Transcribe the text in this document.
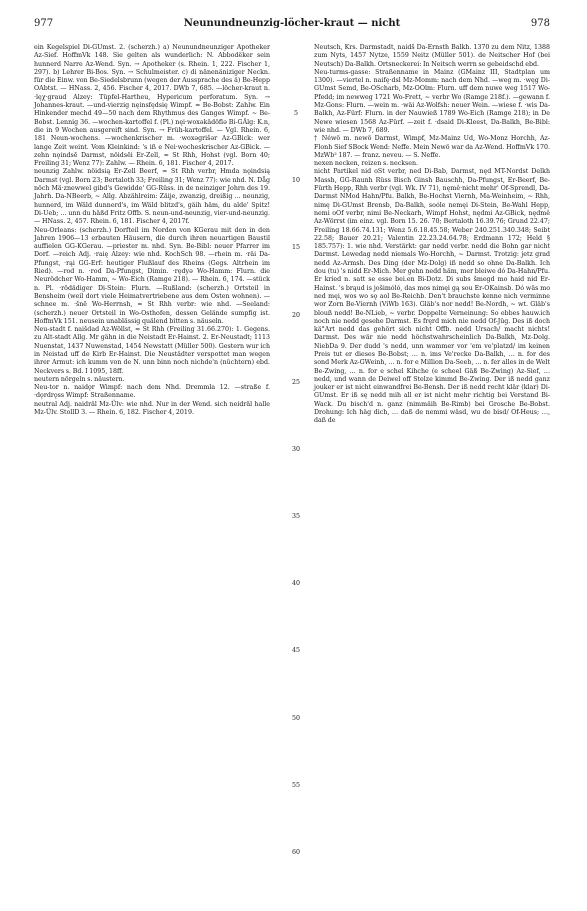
977	Neunundneunzig-löcher-kraut — nicht	978

ein Kegelspiel Di-GUmst. 2. (scherzh.) a) Neunundneunziger Apotheker Az-Sief. HoffmVk 148. Sie gelten als wunderlich: N. Abbodëker sein hunnerd Narre Az-Wend. Syn. → Apotheker (s. Rhein. 1, 222. Fischer 1, 297). b) Lehrer Bi-Bos. Syn. → Schulmeister. c) di nänenäniziger Neckn. für die Einw. von Be-Siedelsbrunn (wegen der Aussprache des ä) Be-Hepp OAbtst. — HNass. 2, 456. Fischer 4, 2017. DWb 7, 685. —löcher-kraut n. ·lęχ·graud Alzey: Tüpfel-Hartheu, Hypericum perforatum. Syn. → Johannes-kraut. —und-vierzig nęinsfędsię Wimpf. ≈ Be-Bobst: Zahlw. Ein Hinkender mechd 49—50 nach dem Rhythmus des Ganges Wimpf. ~ Be-Bobst. Lennig 36. —wochen-kartoffel f. (Pl.) nęi·woxəkädöflə Bi-GÄlg: K.n, die in 9 Wochen ausgereift sind. Syn. → Früh-kartoffel. — Vgl. Rhein. 6, 181 Neun-wochens. —wochenkrischer m. ·woxəgrišər Az-GBick: wer lange Zeit weint. Vom Kleinkind: 's iß e Nei·wocheskrischer Az-GBick. —zehn nǫindsē Darmst, nöidsēi Er-Zell, ≈ St Rhh, Hohst (vgl. Born 40; Freiling 31; Wenz 77): Zahlw. — Rhein. 6, 181. Fischer 4, 2017.

neunzig Zahlw. nöidsią Er-Zell Beerf, ≈ St Rhh verbr, Hmda nǫindsią Darmst (vgl. Born 23; Bertaloth 33; Freiling 31; Wenz 77): wie nhd. N. Dåg nöch Mä·znewwel gibd's Gewidde' GG-Rüss. in de neinziger Johrn des 19. Jahrh. Da-NBeerb, ~ Allg. Abzählreim: Zäije, zwanzig, dreißig … neunzig, hunnerd, im Wäld dunnerd's, im Wäld blitzd's, gäih häm, du alde' Spitz! Di-Ueb; … unn du häßd Fritz Offb. S. neun-und-neunzig, vier-und-neunzig. — HNass. 2, 457. Rhein. 6, 181. Fischer 4, 2017f.

Neu-Orleans: (scherzh.) Dorfteil im Norden von KGerau mit den in den Jahren 1906—13 erbauten Häusern, die durch ihren neuartigen Baustil auffielen GG-KGerau. —priester m. nhd. Syn. Be-Bibl: neuer Pfarrer im Dorf. —reich Adj. ·raię Alzey: wie nhd. KochSch 98. —rhein m. ·räi Da-Pfungst, ·rąi GG-Erf: heutiger Flußlauf des Rheins (Gegs. Altrhein im Ried). —rod n. ·rod Da-Pfungst, Dimin. ·rędyə Wo-Hamm: Flurn. die Neurödcher Wo-Hamm, ~ Wo-Eich (Ramge 218). — Rhein. 6, 174. —stück n. Pl. ·rödädiger Di-Stein: Flurn. —Rußland: (scherzh.) Ortsteil in Bensheim (weil dort viele Heimatvertriebene aus dem Osten wohnen). —schnee m. ·šnē Wo-Herrnsh, ≈ St Rhh verbr: wie nhd. —Seeland: (scherzh.) neuer Ortsteil in Wo-Osthofen, dessen Gelände sumpfig ist. HoffmVk 151. neusein unablässig quälend bitten s. näuseln.

Neu-stadt f. naišdad Az-Wöllst, ≈ St Rhh (Freiling 31.66.270): 1. Gegens. zu Alt-stadt Allg. Mr gähn in die Neistadt Er-Hainst. 2. Er-Neustadt; 1113 Nuenstat, 1437 Nuwenstad, 1454 Newstatt (Müller 500). Gestern wur ich in Neistad uff de Kirb Er-Hainst. Die Neustädter verspottet man wegen ihrer Armut: ich kumm von de N. unn binn noch nichde'n (nüchtern) ebd. Neckvers s. Bd. I 1095, 18ff.

neutern nörgeln s. näustern.

Neu-tor n. naidǫr Wimpf: nach dem Nhd. Dremmla 12. —straße f. ·dǫrdrǫss Wimpf: Straßenname.

neutral Adj. naidräl Mz-Ülv: wie nhd. Nur in der Wend. sich neidräl halle Mz-Ülv. StollD 3. — Rhein. 6, 182. Fischer 4, 2019.

5
10
15
20
25
30
35
40
45
50
55
60

Neutsch, Krs. Darmstadt, naidš Da-Ernsth Balkh. 1370 zu dem Nitz, 1388 zum Nyts, 1457 Nytze, 1559 Neitz (Müller 501). de Neitscher Hof (bei Neutsch) Da-Balkh. Ortsneckerei: In Neitsch werrn se gebeidschd ebd.

Neu-turms-gasse: Straßenname in Mainz (GMainz III, Stadtplan um 1300). —viertel n. naifę·dsl Mz-Momm: nach dem Nhd. —weg m. ·węg Di-GUmst Semd, Be-OScharb, Mz-OOlm: Flurn. uff dem nuwe weg 1517 Wo-Pfedd; im newweg 1721 Wo-Frett, ~ verbr Wo (Ramge 218f.). —gewann f. Mz-Gons: Flurn. —wein m. ·wäi Az-Wolfsh: neuer Wein. —wiese f. ·wis Da-Balkh, Az-Fürf: Flurn. in der Nauwieß 1789 Wo-Eich (Ramge 218); in De Newe wiesen 1568 Az-Fürf. —zeit f. ·dsaid Di-Kleest, Da-Balkh, Be-Bibl: wie nhd. — DWb 7, 689.

† Néwö m. newö Darmst, Wimpf, Mz-Mainz Ud, Wo-Monz Horchh, Az-Flonh Sief SBock Wend: Neffe. Mein Newö war da Az-Wend. HoffmVk 170. MzWb² 187. — franz. neveu. — S. Neffe.

nexen necken, reizen s. necksen.

nicht Partikel nid oSt verbr, ned Di-Bab, Darmst, nęd MT-Nordst Delkh Massh, GG-Raunh Rüss Bisch Ginsh Bauschh, Da-Pfungst, Er-Beerf, Be-Fürth Hepp, Rhh verbr (vgl. Wk. IV 71), nęmě·nicht mehr' Of-Sprendl, Da-Darmst NMod Hahn/Pfu. Balkh, Be-Hochst Viernh, Ma-Weinheim, ~ Rhh, nimę Di-GUmst Brensb, Da-Balkh, soóle nemęi Di-Stein, Be-Wahl Hepp, nemi oOf verbr, nimi Be-Neckarh, Wimpf Hohst, nędmi Az-GBick, nędmě Az-Wörrst (im einz. vgl. Born 15. 26. 70; Bertaloth 16.39.76; Grund 22.47; Freiling 18.66.74.131; Wenz 5.6.18.45.58; Weber 240.251.340.348; Seibt 22.58; Bauer 20.21; Valentin 22.23.24.64.78; Erdmann 172; Held § 185.757): 1. wie nhd. Verstärkt: gar nedd verbr. nedd die Bohn gar nicht Darmst. Lewedag nedd niemals Wo-Horchh, ~ Darmst. Trotzig: jetz grad nedd Az-Armsh. Des Ding (der Mz-Dolg) iß nedd so ohne Da-Balkh. Ich dou (tu) 's nidd Er-Mich. Mer gehn nedd häm, mer bleiwe dó Da-Hahn/Pfu. Er kried n. satt se esse bei.en Bi-Dotz. Di subs šmegd mo haid nid Er-Hainst. 's brąud is jošimóló, das mos nimęi gą sou Er-OKainsb. Dó wäs mo ned męi, wos wo sǫ aol Be-Reichb. Den't brauchste kenne nich verminne wor Zorn Be-Viernh (ViWb 163). Gläb's nor nedd! Be-Nordh, ~ wt. Gläb's blouß nedd! Be-NLieb, ~ verbr. Doppelte Verneinung: So ebbes hauw.ich noch nie nedd gesehe Darmst. Es fręrd mich nie nedd Of-Jüg. Des iß doch kä°Art nedd das gehört sich nicht Offb. nedd Ursach/ macht nichts! Darmst. Des wär nie nedd höchstwahrscheinlich Da-Balkh, Mz-Dolg. NiebDa 9. Der dudd 's nedd, unn wammer vor 'em ve'platzd/ im keinen Preis tut er dieses Be-Bobst; … n. ims Ve'recke Da-Balkh, … n. for des sond Merk Az-GWeinh, … n. for e Million Da-Seeb, … n. fer alles in de Welt Be-Zwing, … n. for e schel Kihche (e scheel Gäß Be-Zwing) Az-Sief, … nedd, und wann de Deiwel off Stelze kimmd Be-Zwing. Der iß nedd ganz jouker er ist nicht einwandfrei Be-Bensh. Der iß nedd recht klär (klar) Di-GUmst. Er iß sę nedd mih all er ist nicht mehr richtig bei Verstand Bi-Wack. Du bisch'd n. ganz (nimmäih Be-Rimb) bei Grosche Be-Bobst. Drohung: Ich häg dich, … daß de nemmi wäsd, wu de bisd/ Of-Heus; …, daß de
